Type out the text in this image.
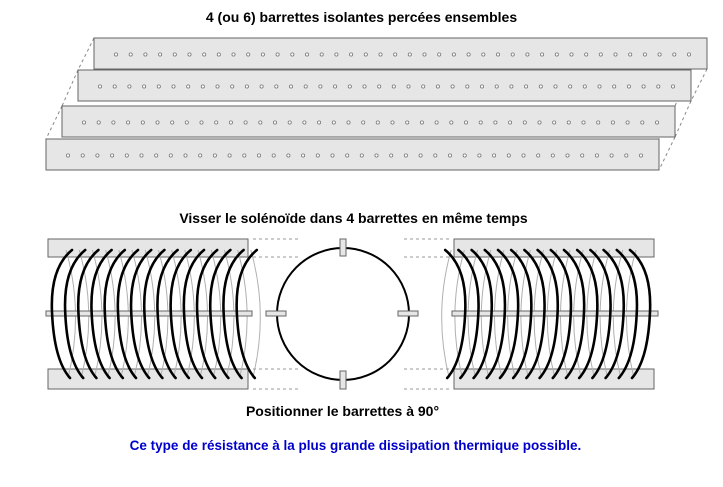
4 (ou 6) barrettes isolantes percées ensembles
Visser le solénoïde dans 4 barrettes en même temps
Positionner le barrettes à 90°
Ce type de résistance à la plus grande dissipation thermique possible.
